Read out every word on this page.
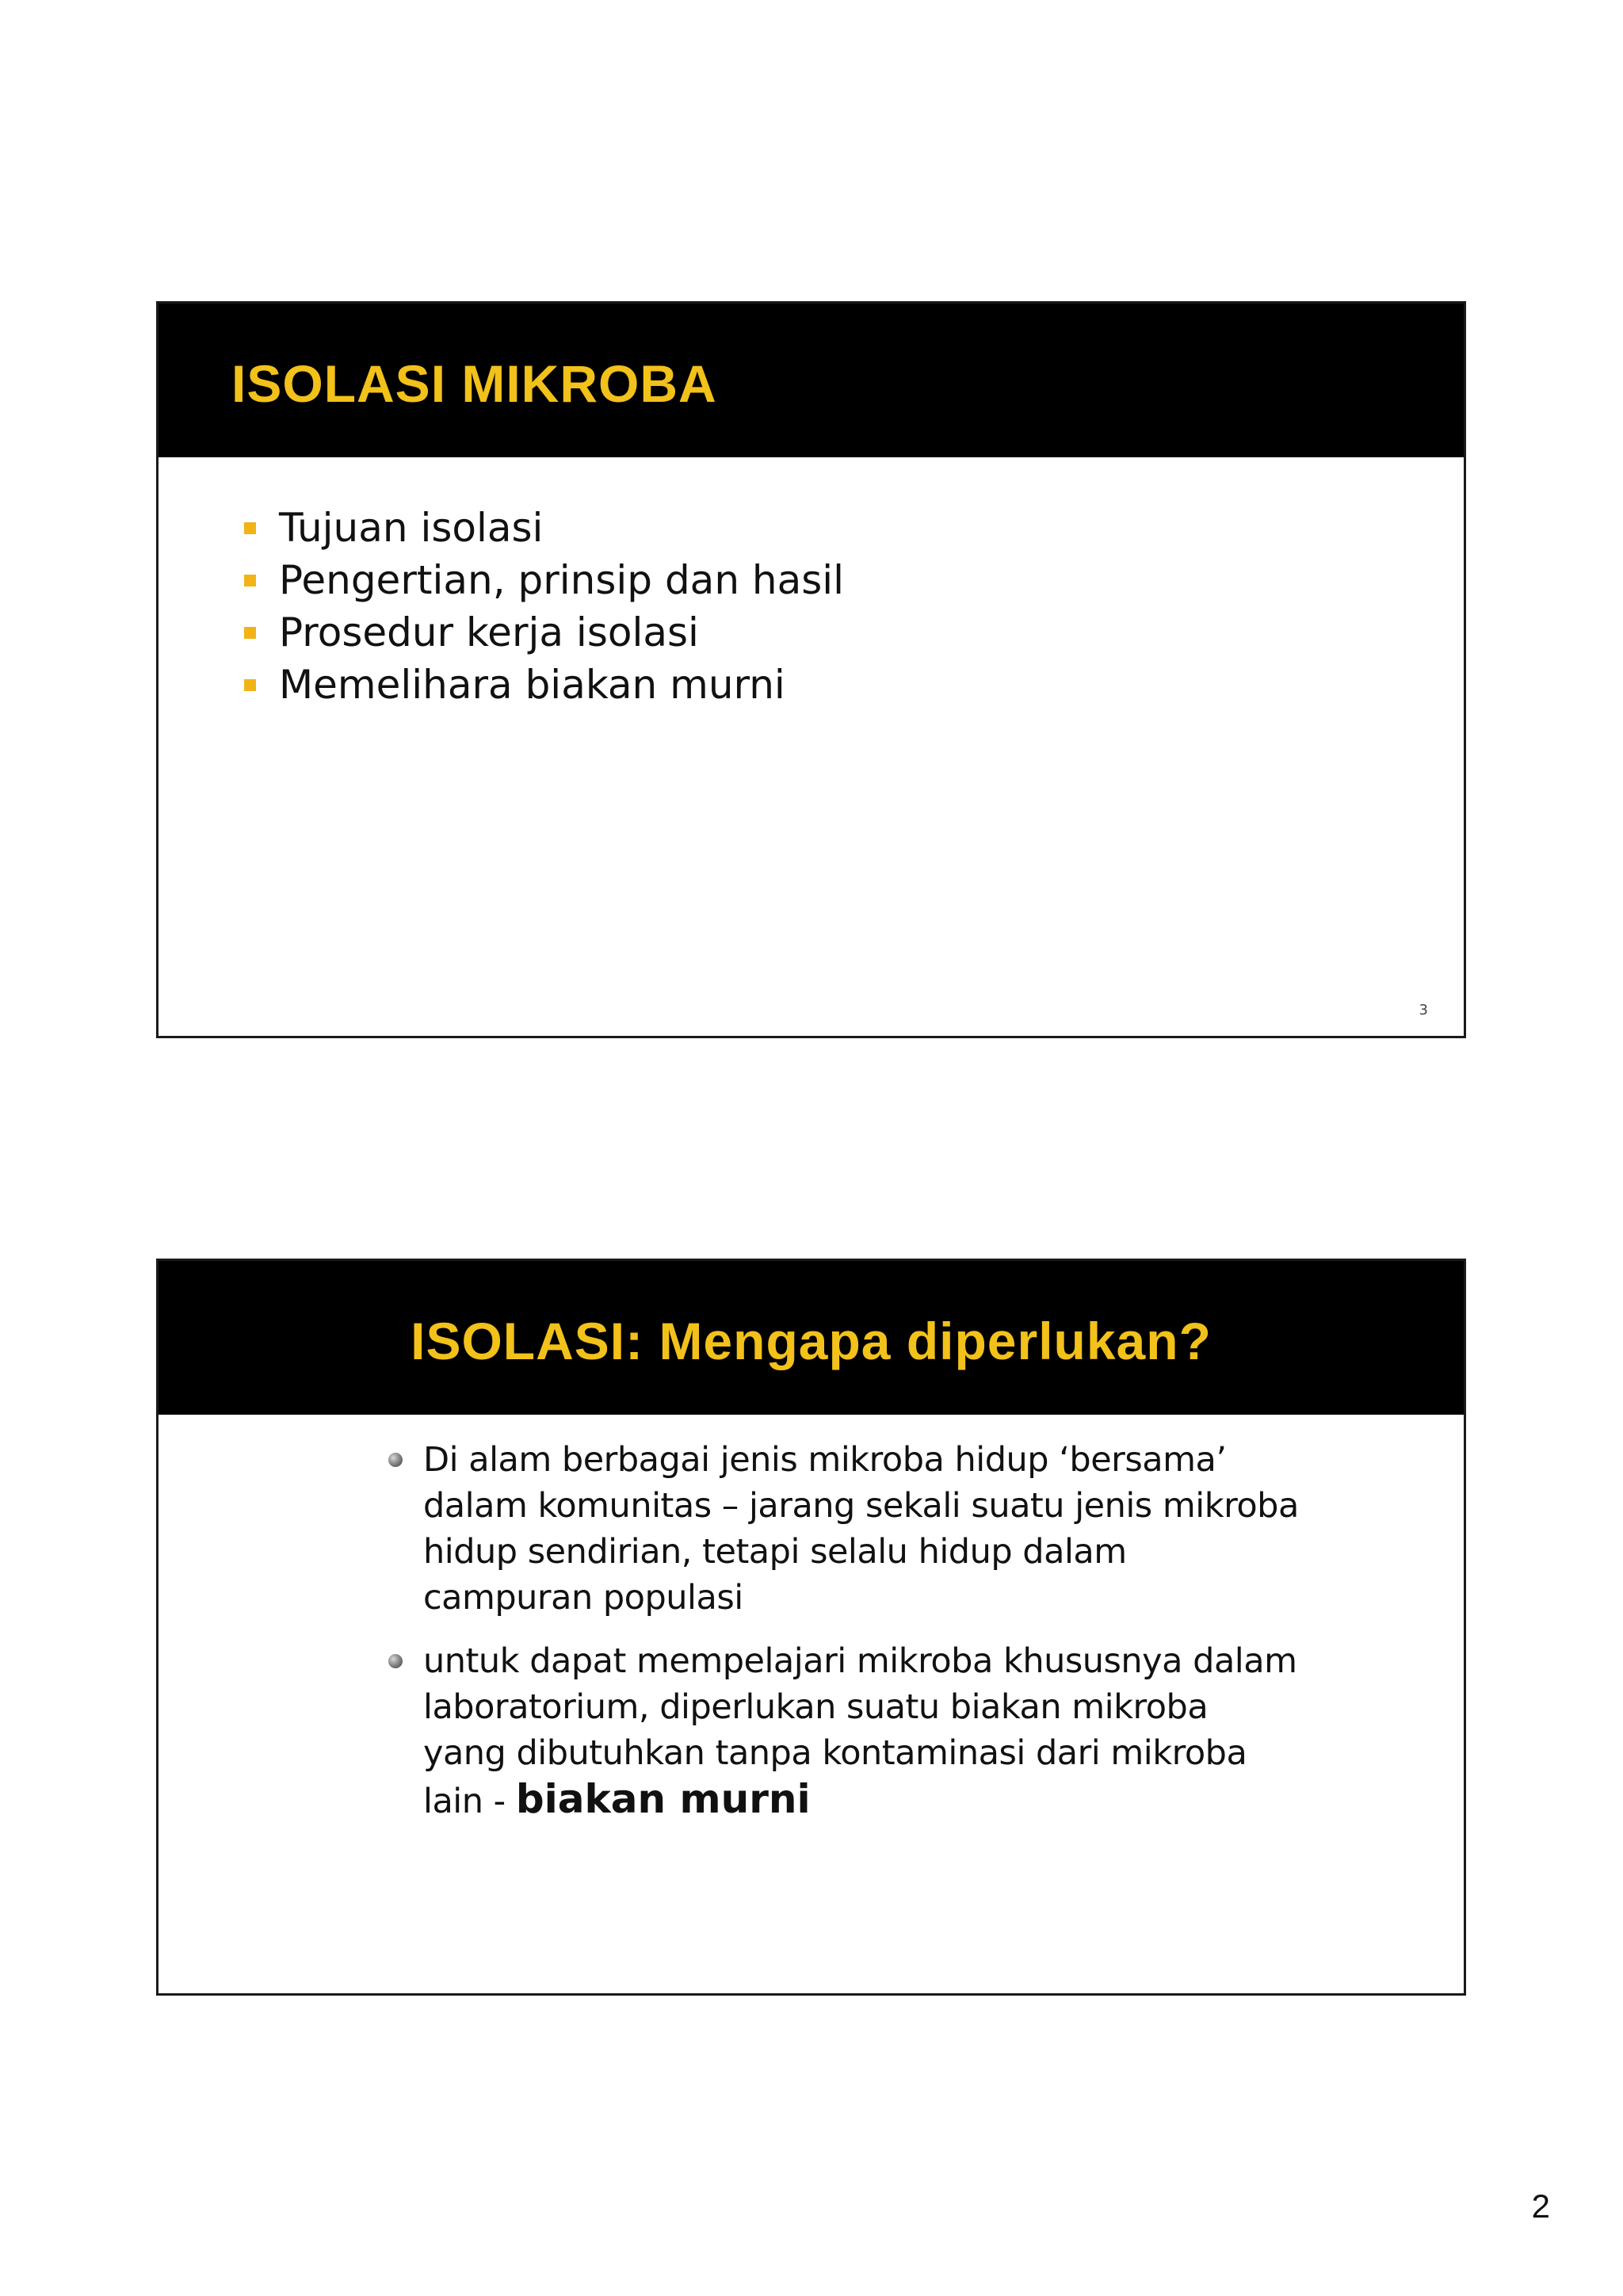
ISOLASI MIKROBA
Tujuan isolasi
Pengertian, prinsip dan hasil
Prosedur kerja isolasi
Memelihara biakan murni
3
ISOLASI: Mengapa diperlukan?
Di alam berbagai jenis mikroba hidup ‘bersama’
dalam komunitas – jarang sekali suatu jenis mikroba
hidup sendirian, tetapi selalu hidup dalam
campuran populasi
untuk dapat mempelajari mikroba khususnya dalam
laboratorium, diperlukan suatu biakan mikroba
yang dibutuhkan tanpa kontaminasi dari mikroba
lain - biakan murni
2
